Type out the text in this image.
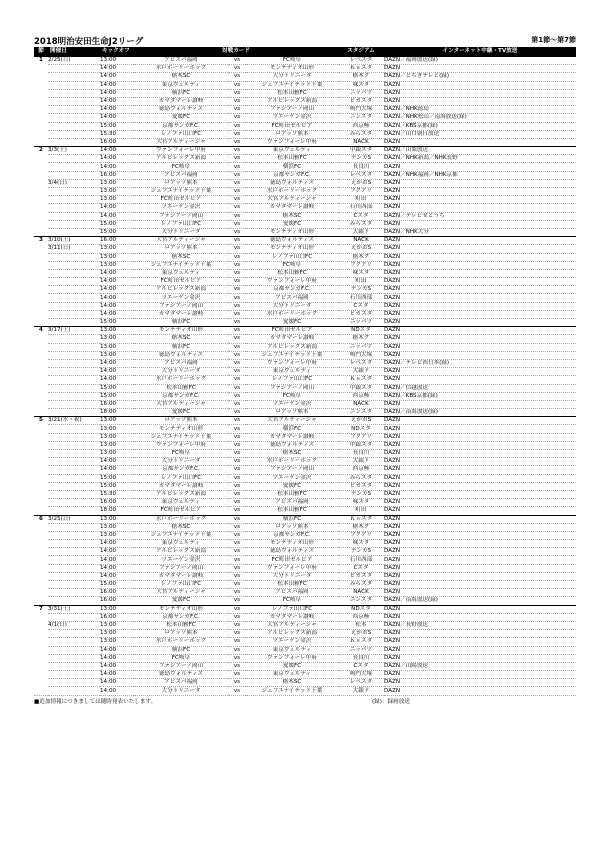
2018明治安田生命J2リーグ	第1節～第7節
節	開催日	キックオフ	対戦カード			スタジアム	インターネット中継・TV放送
1	2/25(日)	13:00	アビスパ福岡	vs	FC岐阜	レベスタ	DAZN／福岡放送(録)
		14:00	水戸ホーリーホック	vs	モンテディオ山形	Ｋｓスタ	DAZN
		14:00	栃木SC	vs	大分トリニータ	栃木グ	DAZN／とちぎテレビ(録)
		14:00	東京ヴェルディ	vs	ジェフユナイテッド千葉	味スタ	DAZN
		14:00	横浜FC	vs	松本山雅FC	ニッパツ	DAZN
		14:00	カマタマーレ讃岐	vs	アルビレックス新潟	ピカスタ	DAZN
		14:00	徳島ヴォルティス	vs	ファジアーノ岡山	鳴門大塚	DAZN／NHK徳島
		14:00	愛媛FC	vs	ツエーゲン金沢	ニンスタ	DAZN／NHK松山／南海放送(録)
		15:00	京都サンガF.C.	vs	FC町田ゼルビア	西京極	DAZN／KBS京都(録)
		15:30	レノファ山口FC	vs	ロアッソ熊本	みらスタ	DAZN／山口朝日放送
		16:00	大宮アルディージャ	vs	ヴァンフォーレ甲府	NACK	DAZN
2	3/3(土)	14:00	ヴァンフォーレ甲府	vs	東京ヴェルディ	中銀スタ	DAZN／山梨放送
		14:00	アルビレックス新潟	vs	松本山雅FC	デンカS	DAZN／NHK新潟／NHK長野
		14:00	FC岐阜	vs	横浜FC	長良川	DAZN
		16:00	アビスパ福岡	vs	京都サンガF.C.	レベスタ	DAZN／NHK福岡／NHK京都
	3/4(日)	13:00	ロアッソ熊本	vs	徳島ヴォルティス	えがおS	DAZN
		13:00	ジェフユナイテッド千葉	vs	水戸ホーリーホック	フクアリ	DAZN
		13:00	FC町田ゼルビア	vs	大宮アルディージャ	町田	DAZN
		14:00	ツエーゲン金沢	vs	カマタマーレ讃岐	石川西部	DAZN
		14:00	ファジアーノ岡山	vs	栃木SC	Cスタ	DAZN／テレビせとうち
		15:00	レノファ山口FC	vs	愛媛FC	みらスタ	DAZN
		15:00	大分トリニータ	vs	モンテディオ山形	大銀ド	DAZN／NHK大分
3	3/10(土)	16:00	大宮アルディージャ	vs	徳島ヴォルティス	NACK	DAZN
	3/11(日)	13:00	ロアッソ熊本	vs	モンテディオ山形	えがおS	DAZN
		13:00	栃木SC	vs	レノファ山口FC	栃木グ	DAZN
		13:00	ジェフユナイテッド千葉	vs	FC岐阜	フクアリ	DAZN
		14:00	東京ヴェルディ	vs	松本山雅FC	味スタ	DAZN
		14:00	FC町田ゼルビア	vs	ヴァンフォーレ甲府	町田	DAZN
		14:00	アルビレックス新潟	vs	京都サンガF.C.	デンカS	DAZN
		14:00	ツエーゲン金沢	vs	アビスパ福岡	石川西部	DAZN
		14:00	ファジアーノ岡山	vs	大分トリニータ	Cスタ	DAZN
		14:00	カマタマーレ讃岐	vs	水戸ホーリーホック	ピカスタ	DAZN
		15:00	横浜FC	vs	愛媛FC	ニッパツ	DAZN
4	3/17(土)	13:00	モンテディオ山形	vs	FC町田ゼルビア	NDスタ	DAZN
		13:00	栃木SC	vs	カマタマーレ讃岐	栃木グ	DAZN
		13:00	横浜FC	vs	アルビレックス新潟	ニッパツ	DAZN
		13:00	徳島ヴォルティス	vs	ジェフユナイテッド千葉	鳴門大塚	DAZN
		14:00	アビスパ福岡	vs	ヴァンフォーレ甲府	レベスタ	DAZN／テレビ西日本(録)
		14:00	大分トリニータ	vs	東京ヴェルディ	大銀ド	DAZN
		14:00	水戸ホーリーホック	vs	レノファ山口FC	Ｋｓスタ	DAZN
		15:00	松本山雅FC	vs	ファジアーノ岡山	中銀スタ	DAZN／信越放送
		15:00	京都サンガF.C.	vs	FC岐阜	西京極	DAZN／KBS京都(録)
		16:00	大宮アルディージャ	vs	ツエーゲン金沢	NACK	DAZN
		18:00	愛媛FC	vs	ロアッソ熊本	ニンスタ	DAZN／南海放送(録)
5	3/21(水・祝)	13:00	ロアッソ熊本	vs	大宮アルディージャ	えがおS	DAZN
		13:00	モンテディオ山形	vs	横浜FC	NDスタ	DAZN
		13:00	ジェフユナイテッド千葉	vs	カマタマーレ讃岐	フクアリ	DAZN
		13:00	ヴァンフォーレ甲府	vs	徳島ヴォルティス	中銀スタ	DAZN
		13:00	FC岐阜	vs	栃木SC	長良川	DAZN
		14:00	大分トリニータ	vs	水戸ホーリーホック	大銀ド	DAZN
		14:00	京都サンガF.C.	vs	ファジアーノ岡山	西京極	DAZN
		15:00	レノファ山口FC	vs	ツエーゲン金沢	みらスタ	DAZN
		15:00	カマタマーレ讃岐	vs	愛媛FC	ピカスタ	DAZN
		15:30	アルビレックス新潟	vs	松本山雅FC	デンカS	DAZN
		16:00	東京ヴェルディ	vs	アビスパ福岡	味スタ	DAZN
		18:00	FC町田ゼルビア	vs	松本山雅FC	町田	DAZN
6	3/25(日)	13:00	水戸ホーリーホック	vs	横浜FC	Ｋｓスタ	DAZN
		13:00	栃木SC	vs	ロアッソ熊本	栃木グ	DAZN
		13:00	ジェフユナイテッド千葉	vs	京都サンガF.C.	フクアリ	DAZN
		14:00	東京ヴェルディ	vs	モンテディオ山形	味スタ	DAZN
		14:00	アルビレックス新潟	vs	徳島ヴォルティス	デンカS	DAZN
		14:00	ツエーゲン金沢	vs	FC町田ゼルビア	石川西部	DAZN
		14:00	ファジアーノ岡山	vs	ヴァンフォーレ甲府	Cスタ	DAZN
		14:00	カマタマーレ讃岐	vs	大分トリニータ	ピカスタ	DAZN
		15:00	レノファ山口FC	vs	松本山雅FC	みらスタ	DAZN
		16:00	大宮アルディージャ	vs	アビスパ福岡	NACK	DAZN
		16:00	愛媛FC	vs	FC岐阜	ニンスタ	DAZN／南海放送(録)
7	3/31(土)	13:00	モンテディオ山形	vs	レノファ山口FC	NDスタ	DAZN
		16:00	京都サンガF.C.	vs	カマタマーレ讃岐	西京極	DAZN
	4/1(日)	13:00	松本山雅FC	vs	大宮アルディージャ	松本	DAZN／長野放送
		13:00	ロアッソ熊本	vs	アルビレックス新潟	えがおS	DAZN
		13:00	水戸ホーリーホック	vs	ツエーゲン金沢	Ｋｓスタ	DAZN
		14:00	横浜FC	vs	東京ヴェルディ	ニッパツ	DAZN
		14:00	FC岐阜	vs	ヴァンフォーレ甲府	長良川	DAZN
		14:00	ファジアーノ岡山	vs	愛媛FC	Cスタ	DAZN／山陽放送
		14:00	徳島ヴォルティス	vs	東京ヴェルディ	鳴門大塚	DAZN
		14:00	アビスパ福岡	vs	栃木SC	レベスタ	DAZN
		14:00	大分トリニータ	vs	ジェフユナイテッド千葉	大銀ド	DAZN
■追加情報につきましては随時発表いたします。	(録)：録画放送
